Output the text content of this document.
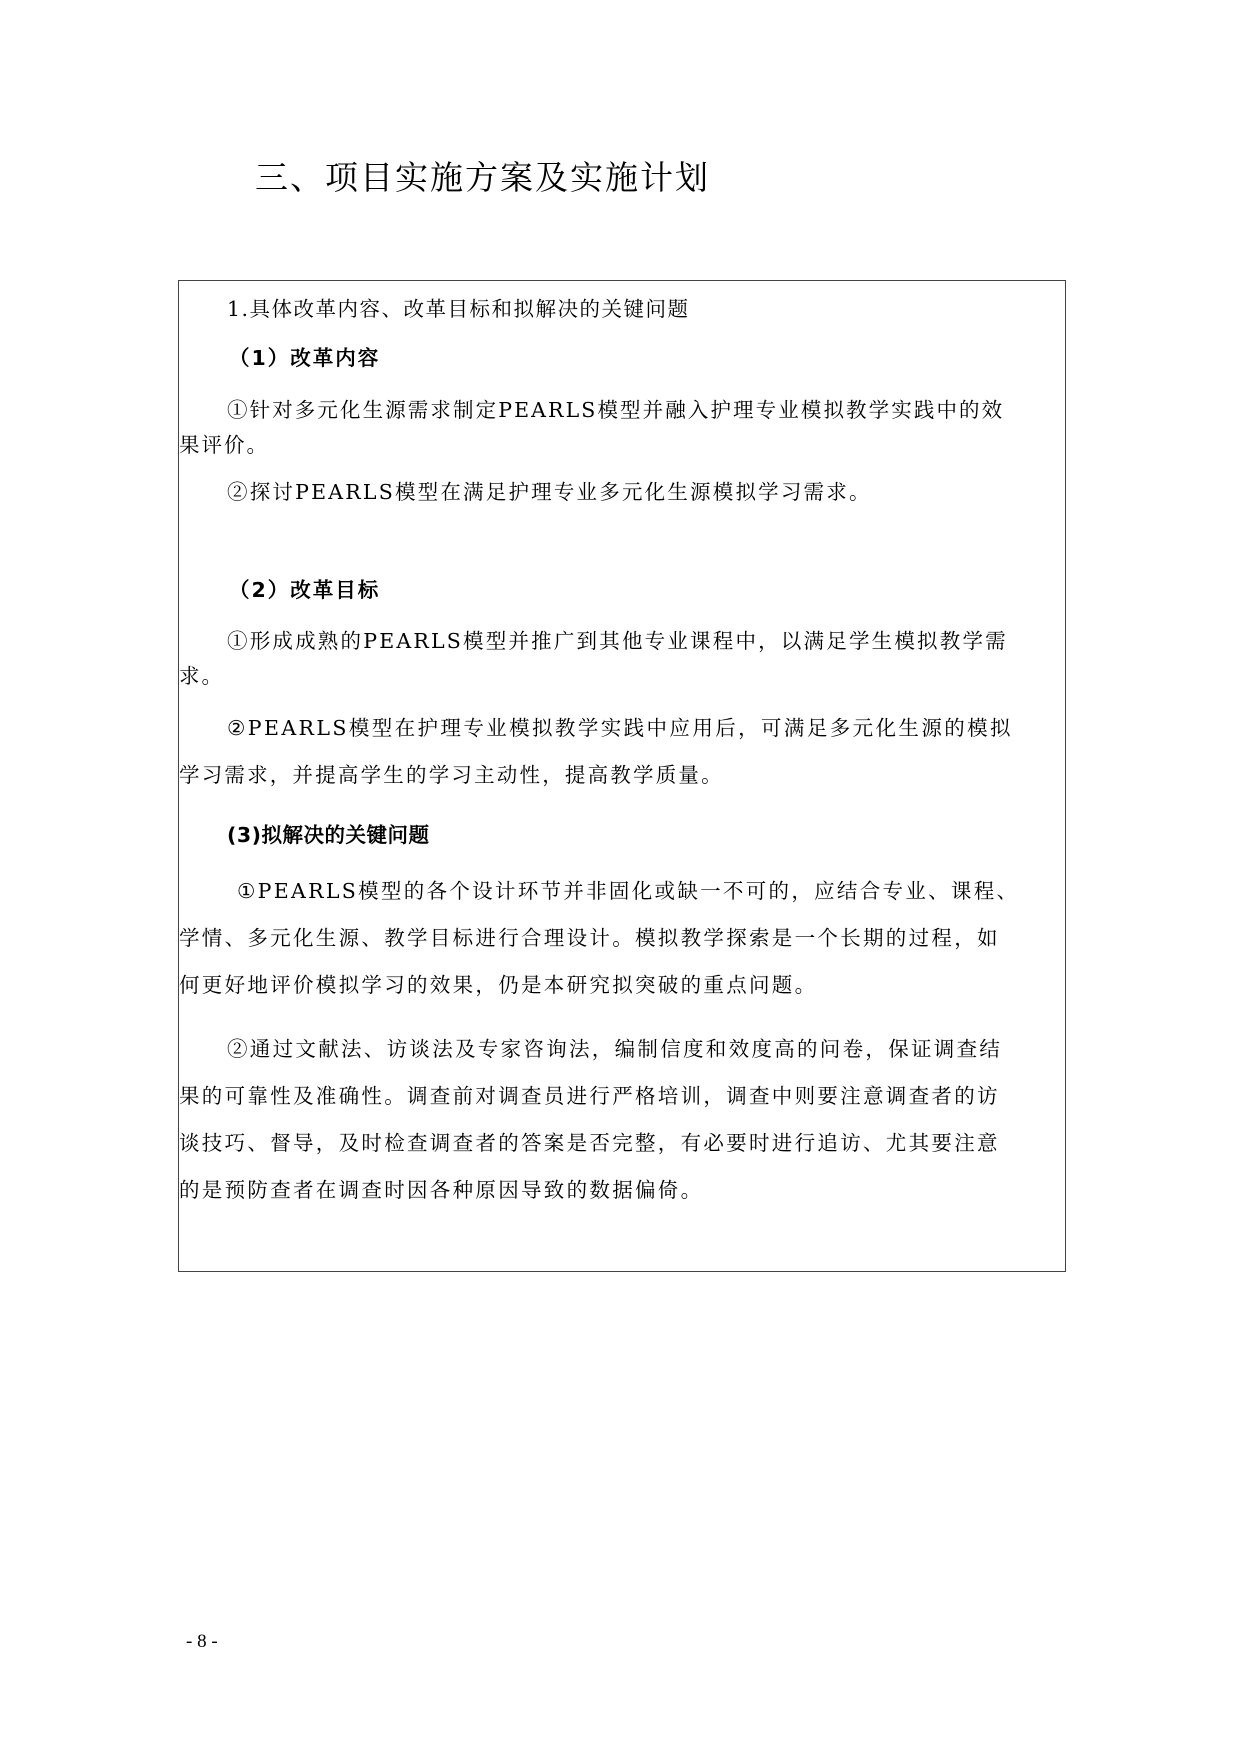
三、项目实施方案及实施计划
1.具体改革内容、改革目标和拟解决的关键问题
（1）改革内容
①针对多元化生源需求制定PEARLS模型并融入护理专业模拟教学实践中的效
果评价。
②探讨PEARLS模型在满足护理专业多元化生源模拟学习需求。
（2）改革目标
①形成成熟的PEARLS模型并推广到其他专业课程中，以满足学生模拟教学需
求。
②PEARLS模型在护理专业模拟教学实践中应用后，可满足多元化生源的模拟
学习需求，并提高学生的学习主动性，提高教学质量。
(3)拟解决的关键问题
①PEARLS模型的各个设计环节并非固化或缺一不可的，应结合专业、课程、
学情、多元化生源、教学目标进行合理设计。模拟教学探索是一个长期的过程，如
何更好地评价模拟学习的效果，仍是本研究拟突破的重点问题。
②通过文献法、访谈法及专家咨询法，编制信度和效度高的问卷，保证调查结
果的可靠性及准确性。调查前对调查员进行严格培训，调查中则要注意调查者的访
谈技巧、督导，及时检查调查者的答案是否完整，有必要时进行追访、尤其要注意
的是预防查者在调查时因各种原因导致的数据偏倚。
- 8 -
